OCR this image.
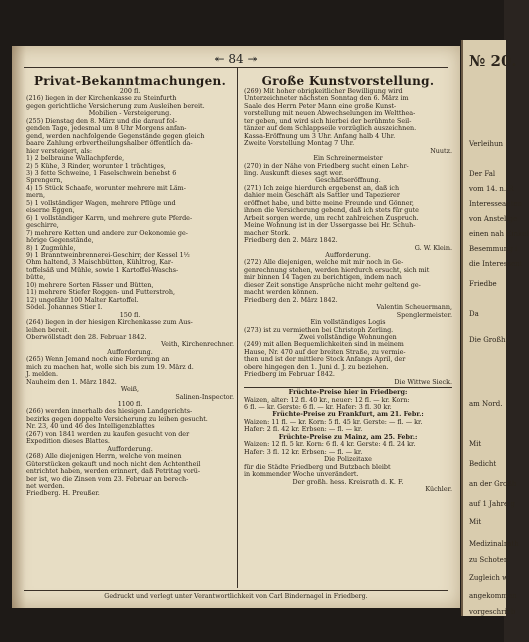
↞ 84 ↠

Privat-Bekanntmachungen.

200 fl.

(216) liegen in der Kirchenkasse zu Steinfurth

gegen gerichtliche Versicherung zum Ausleihen bereit.

Mobilien - Versteigerung.

(255) Dienstag den 8. März und die darauf fol-

genden Tage, jedesmal um 8 Uhr Morgens anfan-

gend, werden nachfolgende Gegenstände gegen gleich

baare Zahlung erbvertheilungshalber öffentlich da-

hier versteigert, als:

1) 2 belbraune Wallachpferde,

2) 5 Kühe, 3 Rinder, worunter 1 trächtiges,

3) 3 fette Schweine, 1 Faselschwein benebst 6

Sprengern,

4) 15 Stück Schaafe, worunter mehrere mit Läm-

mern,

5) 1 vollständiger Wagen, mehrere Pflüge und

eiserne Eggen,

6) 1 vollständiger Karrn, und mehrere gute Pferde-

geschirre,

7) mehrere Ketten und andere zur Oekonomie ge-

hörige Gegenstände,

8) 1 Zugmühle,

9) 1 Branntweinbrennerei-Geschirr, der Kessel 1½

Ohm haltend, 3 Maischbütten, Kühltrog, Kar-

toffelsäß und Mühle, sowie 1 Kartoffel-Waschs-

bütte,

10) mehrere Sorten Fässer und Bütten,

11) mehrere Stiefer Roggen- und Futterstroh,

12) ungefähr 100 Malter Kartoffel.

Södel. Johannes Stier I.

150 fl.

(264) liegen in der hiesigen Kirchenkasse zum Aus-

leihen bereit.

Oberwöllstadt den 28. Februar 1842.

Veith, Kirchenrechner.

Aufforderung.

(265) Wenn Jemand noch eine Forderung an

mich zu machen hat, wolle sich bis zum 19. März d.

J. melden.

Nauheim den 1. März 1842.

Weiß,

Salinen-Inspector.

1100 fl.

(266) werden innerhalb des hiesigen Landgerichts-

bezirks gegen doppelte Versicherung zu leihen gesucht.

Nr. 23, 40 und 46 des Intelligenzblattes

(267) von 1841 werden zu kaufen gesucht von der

Expedition dieses Blattes.

Aufforderung.

(268) Alle diejenigen Herrn, welche von meinen

Güterstücken gekauft und noch nicht den Achtentheil

entrichtet haben, werden erinnert, daß Petritag vorü-

ber ist, wo die Zinsen vom 23. Februar an berech-

net werden.

Friedberg. H. Preußer.

Große Kunstvorstellung.

(269) Mit hoher obrigkeitlicher Bewilligung wird

Unterzeichneter nächsten Sonntag den 6. März im

Saale des Herrn Peter Mann eine große Kunst-

vorstellung mit neuen Abwechselungen im Weltthea-

ter geben, und wird sich hierbei der berühmte Seil-

tänzer auf dem Schlappseile vorzüglich auszeichnen.

Kassa-Eröffnung um 3 Uhr. Anfang halb 4 Uhr.

Zweite Vorstellung Montag 7 Uhr.

Nuutz.

Ein Schreinermeister

(270) in der Nähe von Friedberg sucht einen Lehr-

ling. Auskunft dieses sagt wer.

Geschäftseröffnung.

(271) Ich zeige hierdurch ergebenst an, daß ich

dahier mein Geschäft als Sattler und Tapezierer

eröffnet habe, und bitte meine Freunde und Gönner,

ihnen die Versicherung gebend, daß ich stets für gute

Arbeit sorgen werde, um recht zahlreichen Zuspruch.

Meine Wohnung ist in der Ussergasse bei Hr. Schuh-

macher Stork.

Friedberg den 2. März 1842.

G. W. Klein.

Aufforderung.

(272) Alle diejenigen, welche mit mir noch in Ge-

genrechnung stehen, werden hierdurch ersucht, sich mit

mir binnen 14 Tagen zu berichtigen, indem nach

dieser Zeit sonstige Ansprüche nicht mehr geltend ge-

macht werden können.

Friedberg den 2. März 1842.

Valentin Scheuermann,

Spenglermeister.

Ein vollständiges Logis

(273) ist zu vermiethen bei Christoph Zerling.

Zwei vollständige Wohnungen

(249) mit allen Bequemlichkeiten sind in meinem

Hause, Nr. 470 auf der breiten Straße, zu vermie-

then und ist der mittlere Stock Anfangs April, der

obere hingegen den 1. Juni d. J. zu beziehen.

Friedberg im Februar 1842.

Die Wittwe Sieck.

Früchte-Preise hier in Friedberg:

Waizen, alter: 12 fl. 40 kr., neuer: 12 fl. — kr. Korn:

6 fl. — kr. Gerste: 6 fl. — kr. Hafer: 3 fl. 30 kr.

Früchte-Preise zu Frankfurt, am 21. Febr.:

Waizen: 11 fl. — kr. Korn: 5 fl. 45 kr. Gerste: — fl. — kr.

Hafer: 2 fl. 42 kr. Erbsen: — fl. — kr.

Früchte-Preise zu Mainz, am 25. Febr.:

Waizen: 12 fl. 5 kr. Korn: 6 fl. 4 kr. Gerste: 4 fl. 24 kr.

Hafer: 3 fl. 12 kr. Erbsen: — fl. — kr.

Die Polizeitaxe

für die Städte Friedberg und Butzbach bleibt

in kommender Woche unverändert.

Der großh. hess. Kreisrath d. K. F.

Küchler.

Gedruckt und verlegt unter Verantwortlichkeit von Carl Bindernagel in Friedberg.
№ 20.
Verleihun
Der Fal
vom 14. n. R
Interesseanten
von Anstellge
einen nah Einkel
Besemmung i
die Interessent
Friedbe
Da
Die Großh
am Nord.
Mit
Bedicht
an der Großh
auf 1 Jahre g
Mit
Medizinalrath
zu Schoten
Zugleich wi
angekommen
vorgeschrieb
